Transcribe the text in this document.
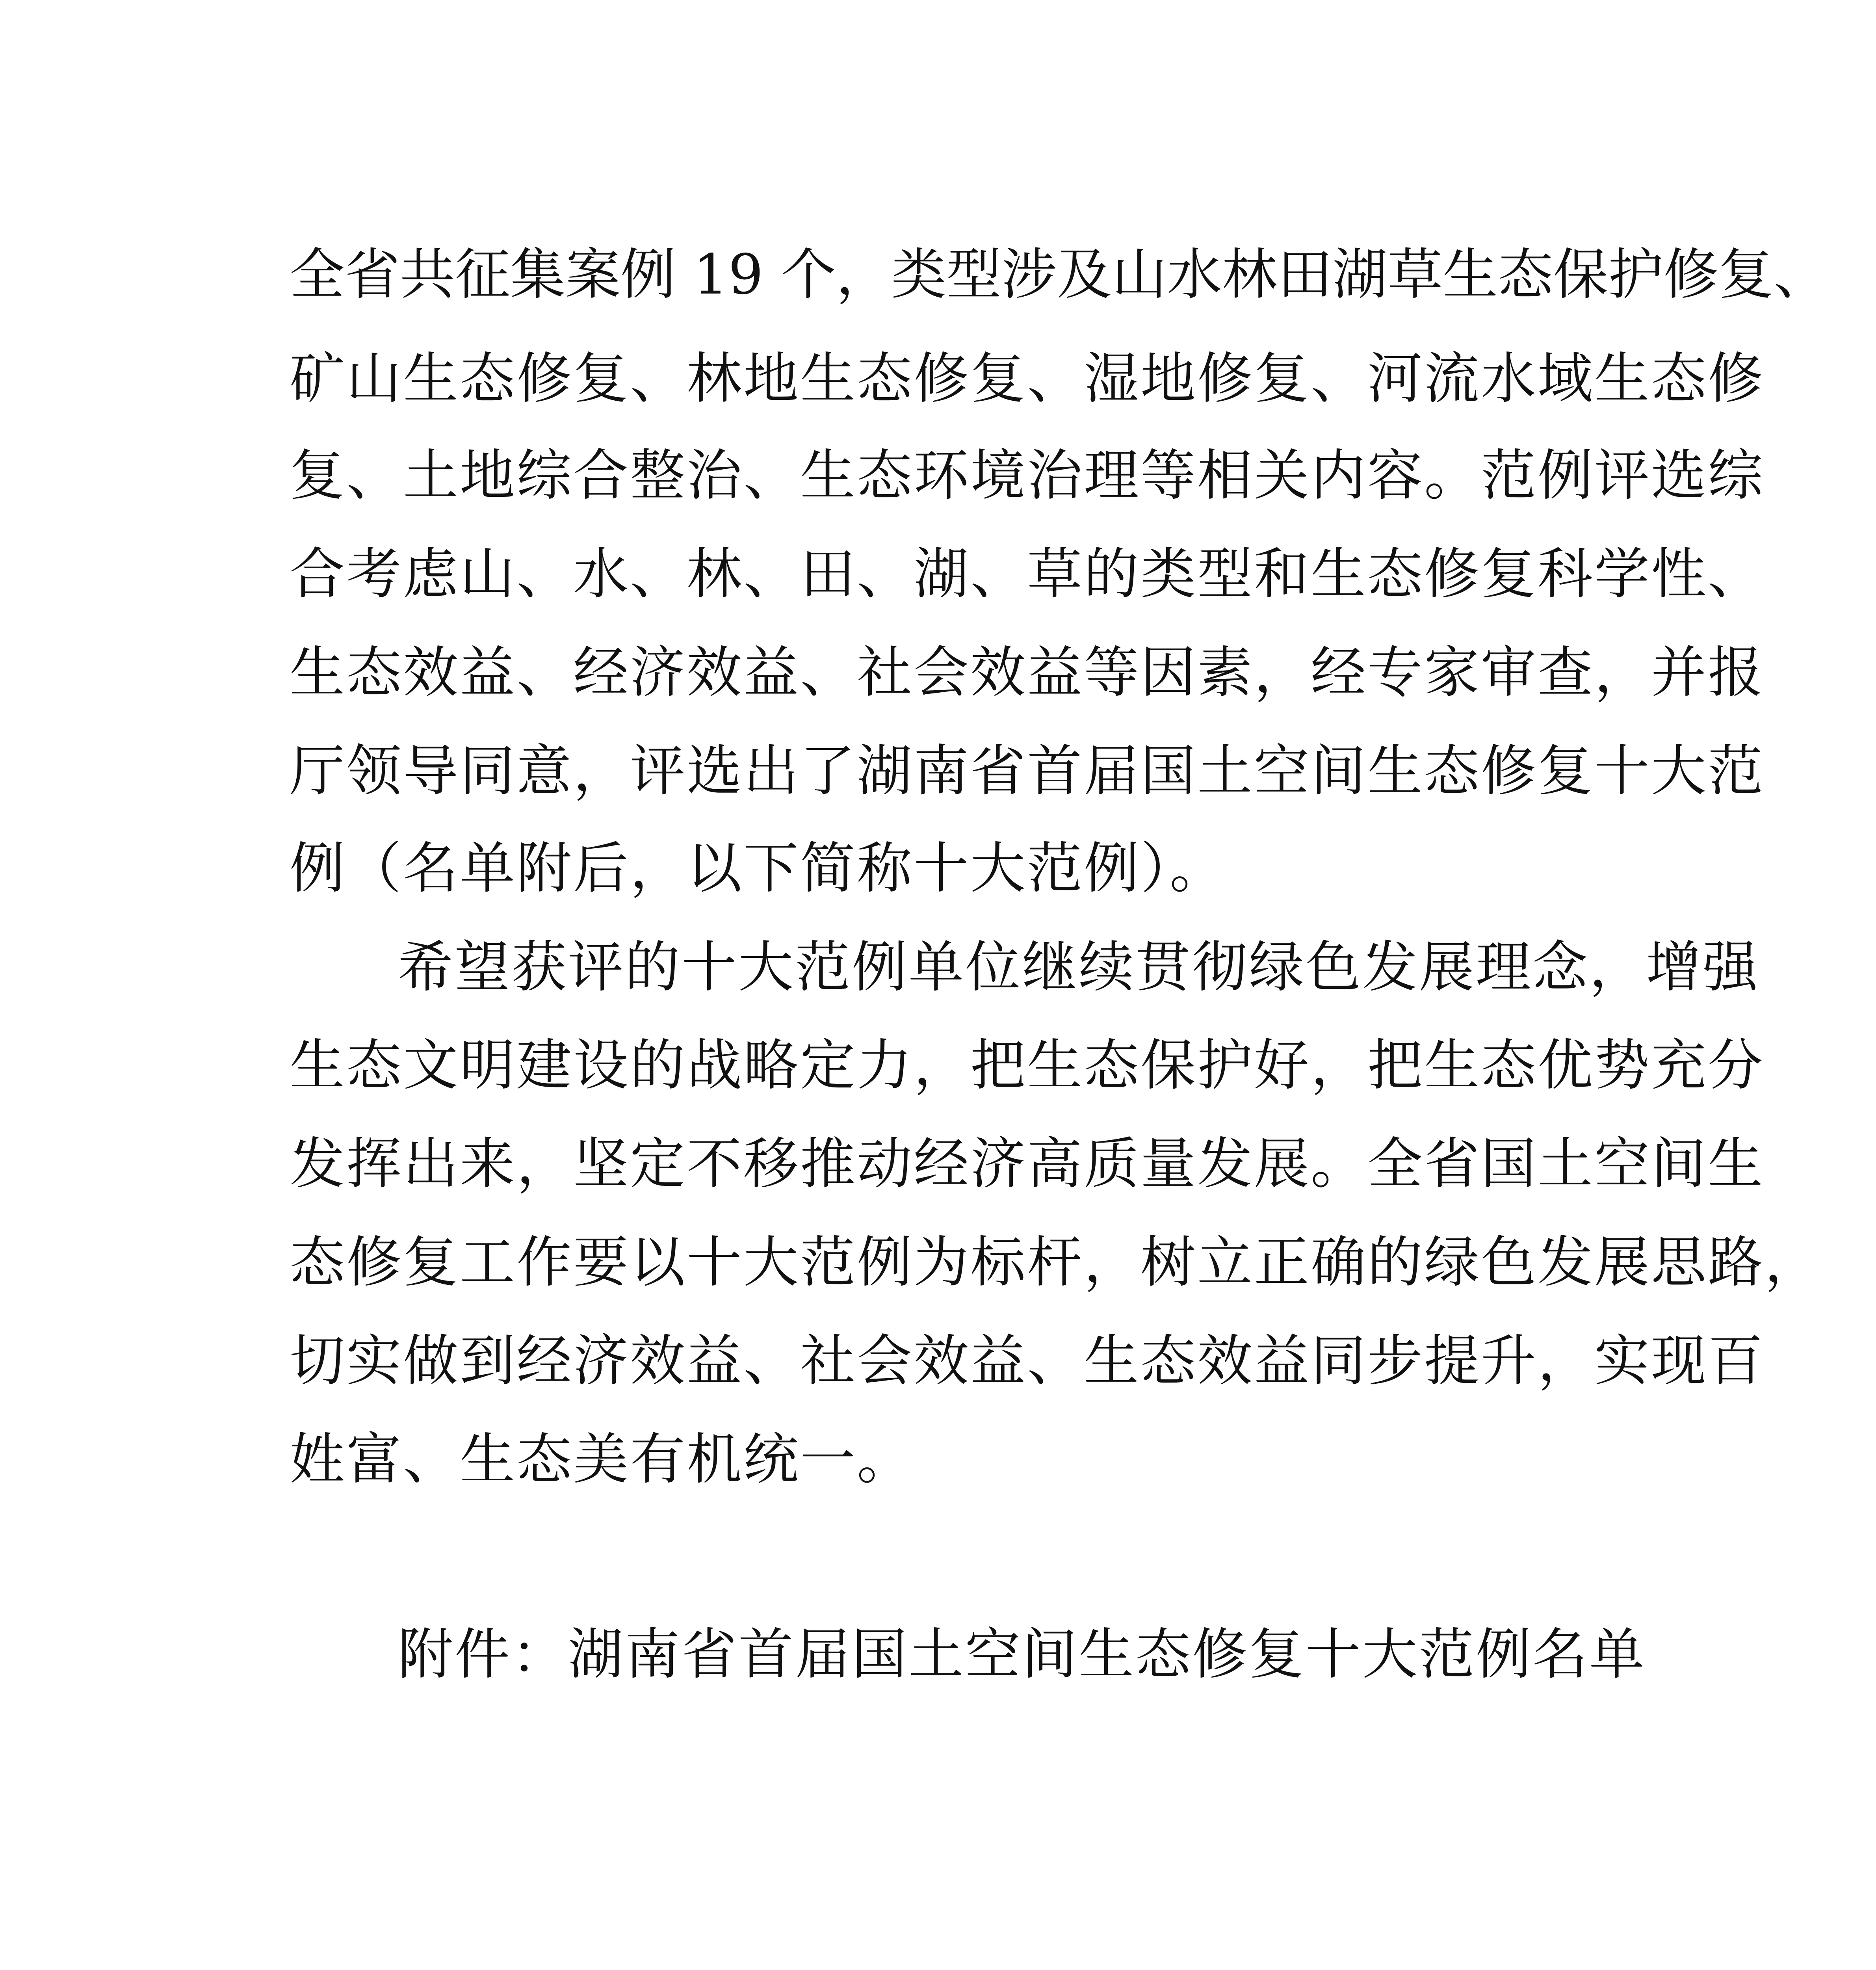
全省共征集案例 19 个，类型涉及山水林田湖草生态保护修复、
矿山生态修复、林地生态修复、湿地修复、河流水域生态修
复、土地综合整治、生态环境治理等相关内容。范例评选综
合考虑山、水、林、田、湖、草的类型和生态修复科学性、
生态效益、经济效益、社会效益等因素，经专家审查，并报
厅领导同意，评选出了湖南省首届国土空间生态修复十大范
例（名单附后，以下简称十大范例）。
希望获评的十大范例单位继续贯彻绿色发展理念，增强
生态文明建设的战略定力，把生态保护好，把生态优势充分
发挥出来，坚定不移推动经济高质量发展。全省国土空间生
态修复工作要以十大范例为标杆，树立正确的绿色发展思路，
切实做到经济效益、社会效益、生态效益同步提升，实现百
姓富、生态美有机统一。
附件：湖南省首届国土空间生态修复十大范例名单
